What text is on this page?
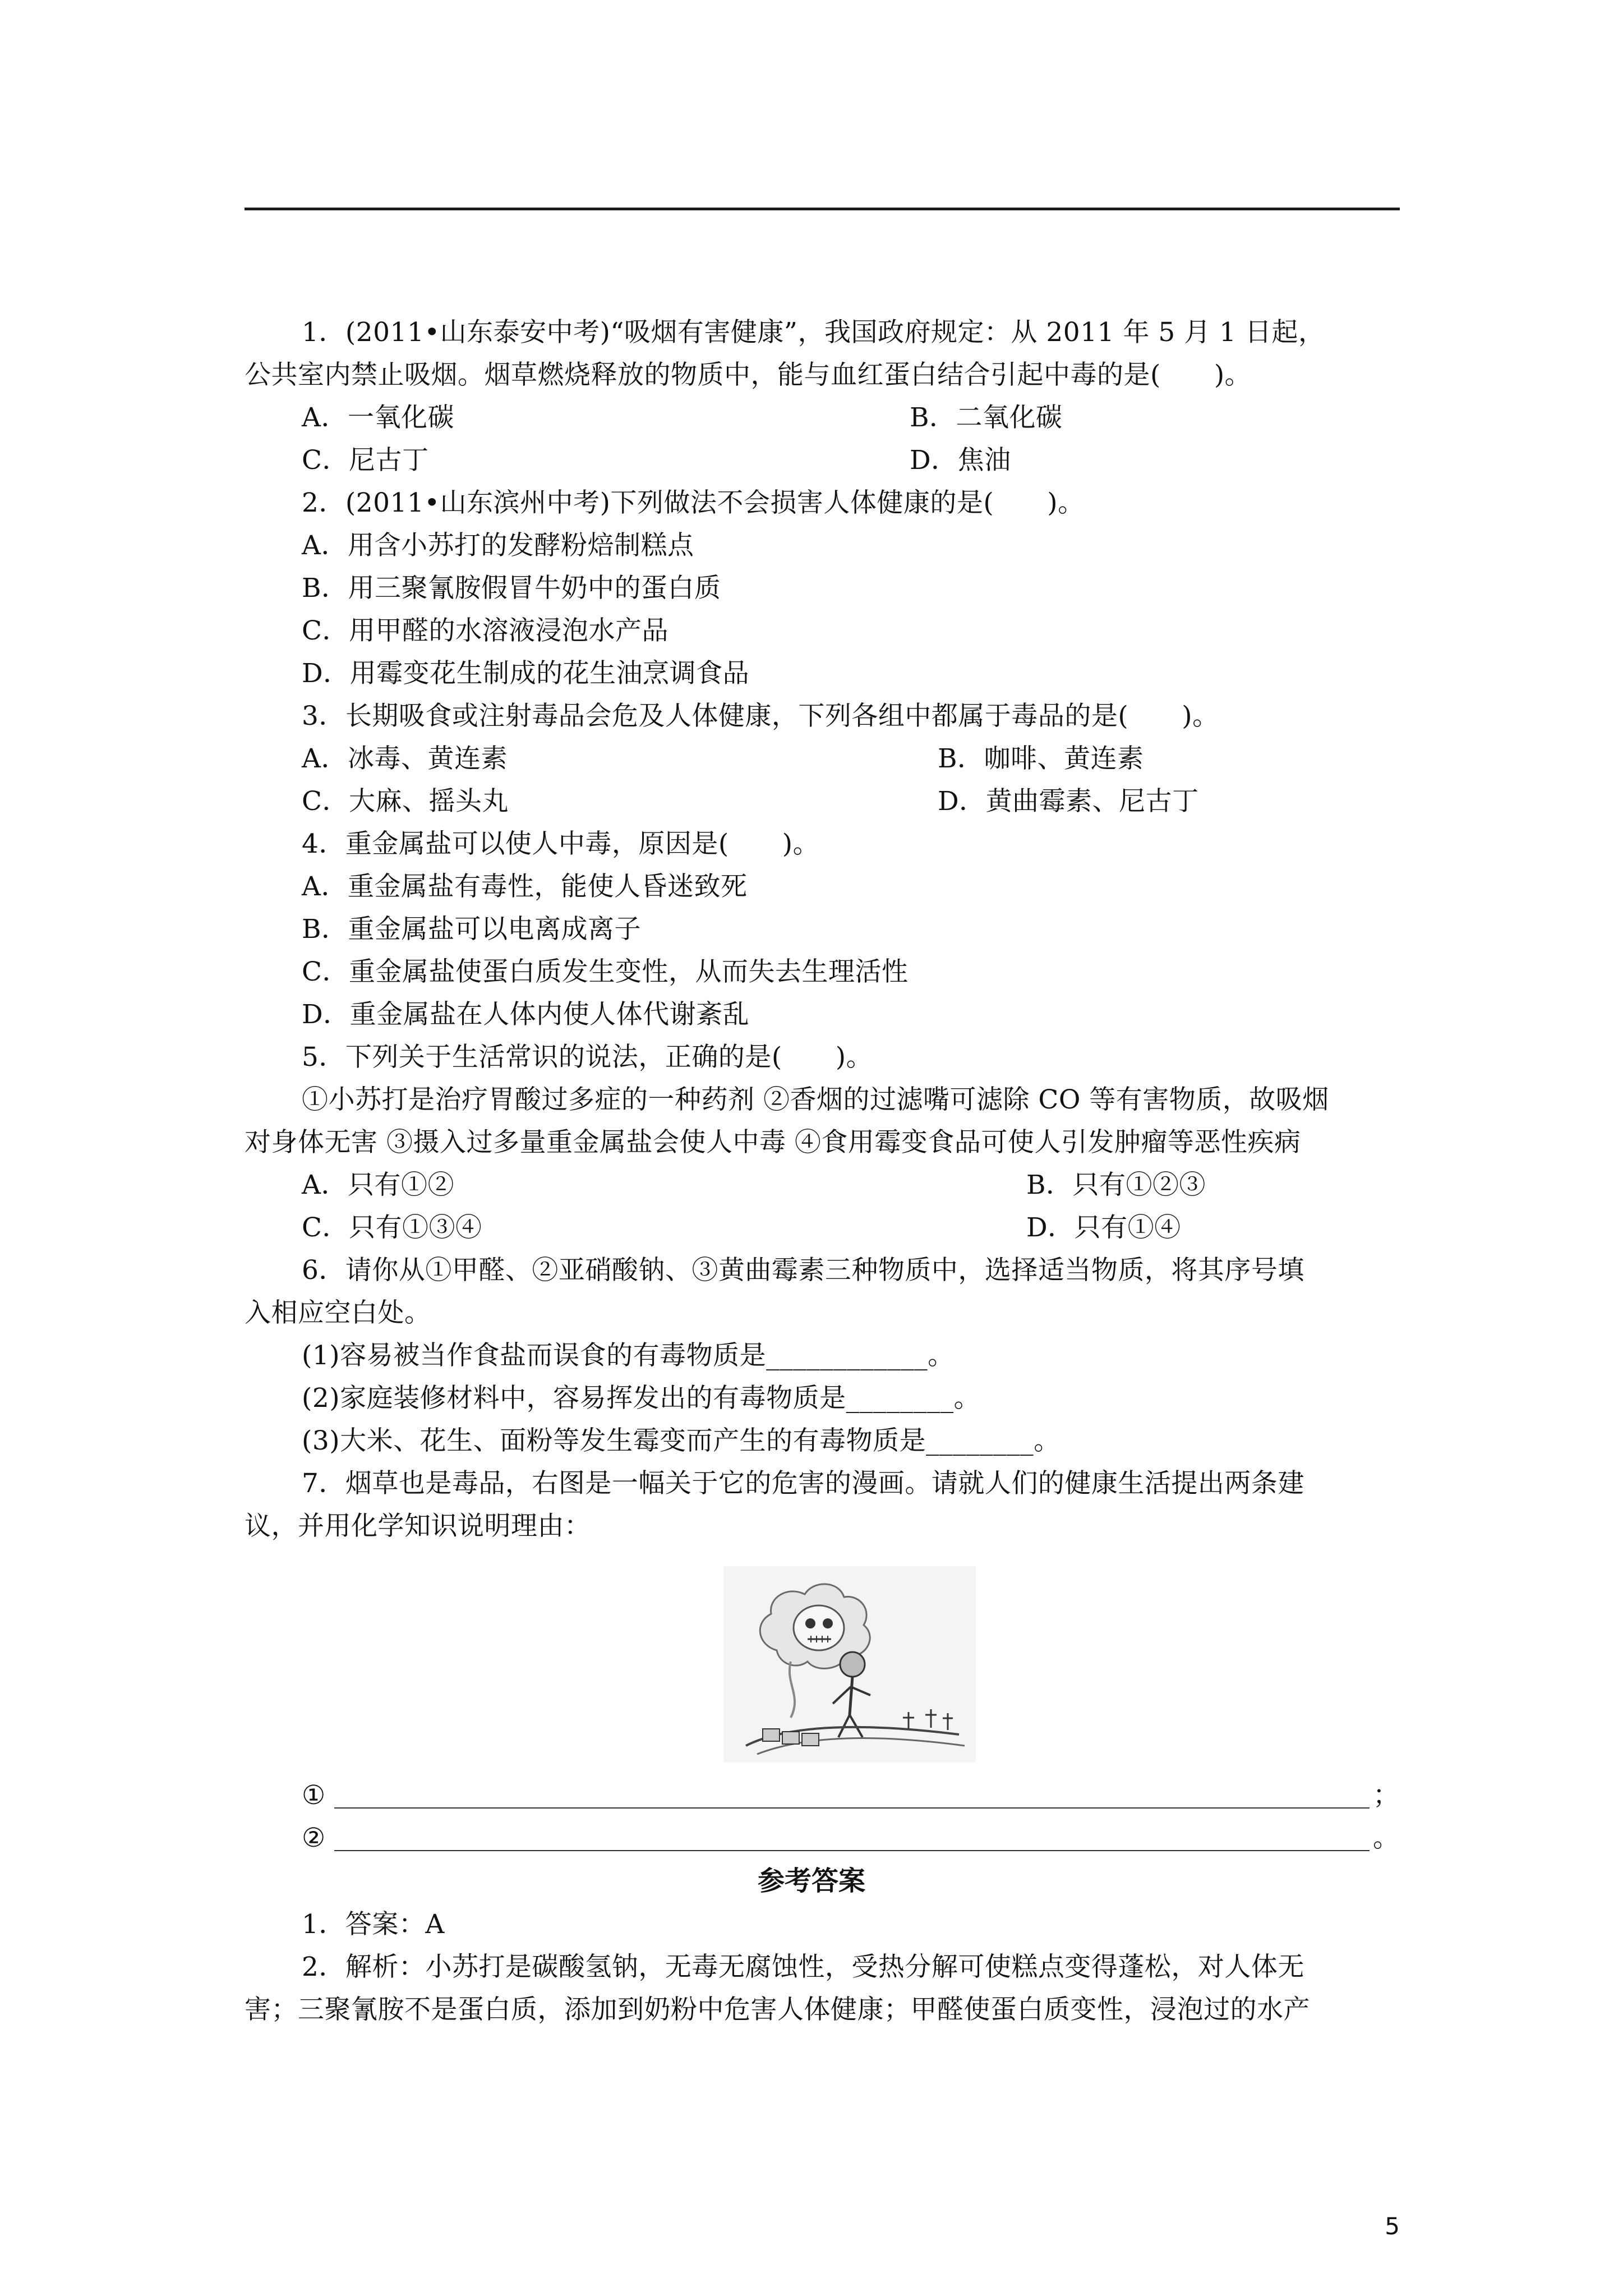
1．(2011•山东泰安中考)“吸烟有害健康”，我国政府规定：从 2011 年 5 月 1 日起，
公共室内禁止吸烟。烟草燃烧释放的物质中，能与血红蛋白结合引起中毒的是(　　)。
A．一氧化碳	B．二氧化碳
C．尼古丁	D．焦油
2．(2011•山东滨州中考)下列做法不会损害人体健康的是(　　)。
A．用含小苏打的发酵粉焙制糕点
B．用三聚氰胺假冒牛奶中的蛋白质
C．用甲醛的水溶液浸泡水产品
D．用霉变花生制成的花生油烹调食品
3．长期吸食或注射毒品会危及人体健康，下列各组中都属于毒品的是(　　)。
A．冰毒、黄连素	B．咖啡、黄连素
C．大麻、摇头丸	D．黄曲霉素、尼古丁
4．重金属盐可以使人中毒，原因是(　　)。
A．重金属盐有毒性，能使人昏迷致死
B．重金属盐可以电离成离子
C．重金属盐使蛋白质发生变性，从而失去生理活性
D．重金属盐在人体内使人体代谢紊乱
5．下列关于生活常识的说法，正确的是(　　)。
①小苏打是治疗胃酸过多症的一种药剂 ②香烟的过滤嘴可滤除 CO 等有害物质，故吸烟
对身体无害 ③摄入过多量重金属盐会使人中毒 ④食用霉变食品可使人引发肿瘤等恶性疾病
A．只有①②	B．只有①②③
C．只有①③④	D．只有①④
6．请你从①甲醛、②亚硝酸钠、③黄曲霉素三种物质中，选择适当物质，将其序号填
入相应空白处。
(1)容易被当作食盐而误食的有毒物质是____________。
(2)家庭装修材料中，容易挥发出的有毒物质是________。
(3)大米、花生、面粉等发生霉变而产生的有毒物质是________。
7．烟草也是毒品，右图是一幅关于它的危害的漫画。请就人们的健康生活提出两条建
议，并用化学知识说明理由：
①	；
②	。
参考答案
1．答案：A
2．解析：小苏打是碳酸氢钠，无毒无腐蚀性，受热分解可使糕点变得蓬松，对人体无
害；三聚氰胺不是蛋白质，添加到奶粉中危害人体健康；甲醛使蛋白质变性，浸泡过的水产
5
